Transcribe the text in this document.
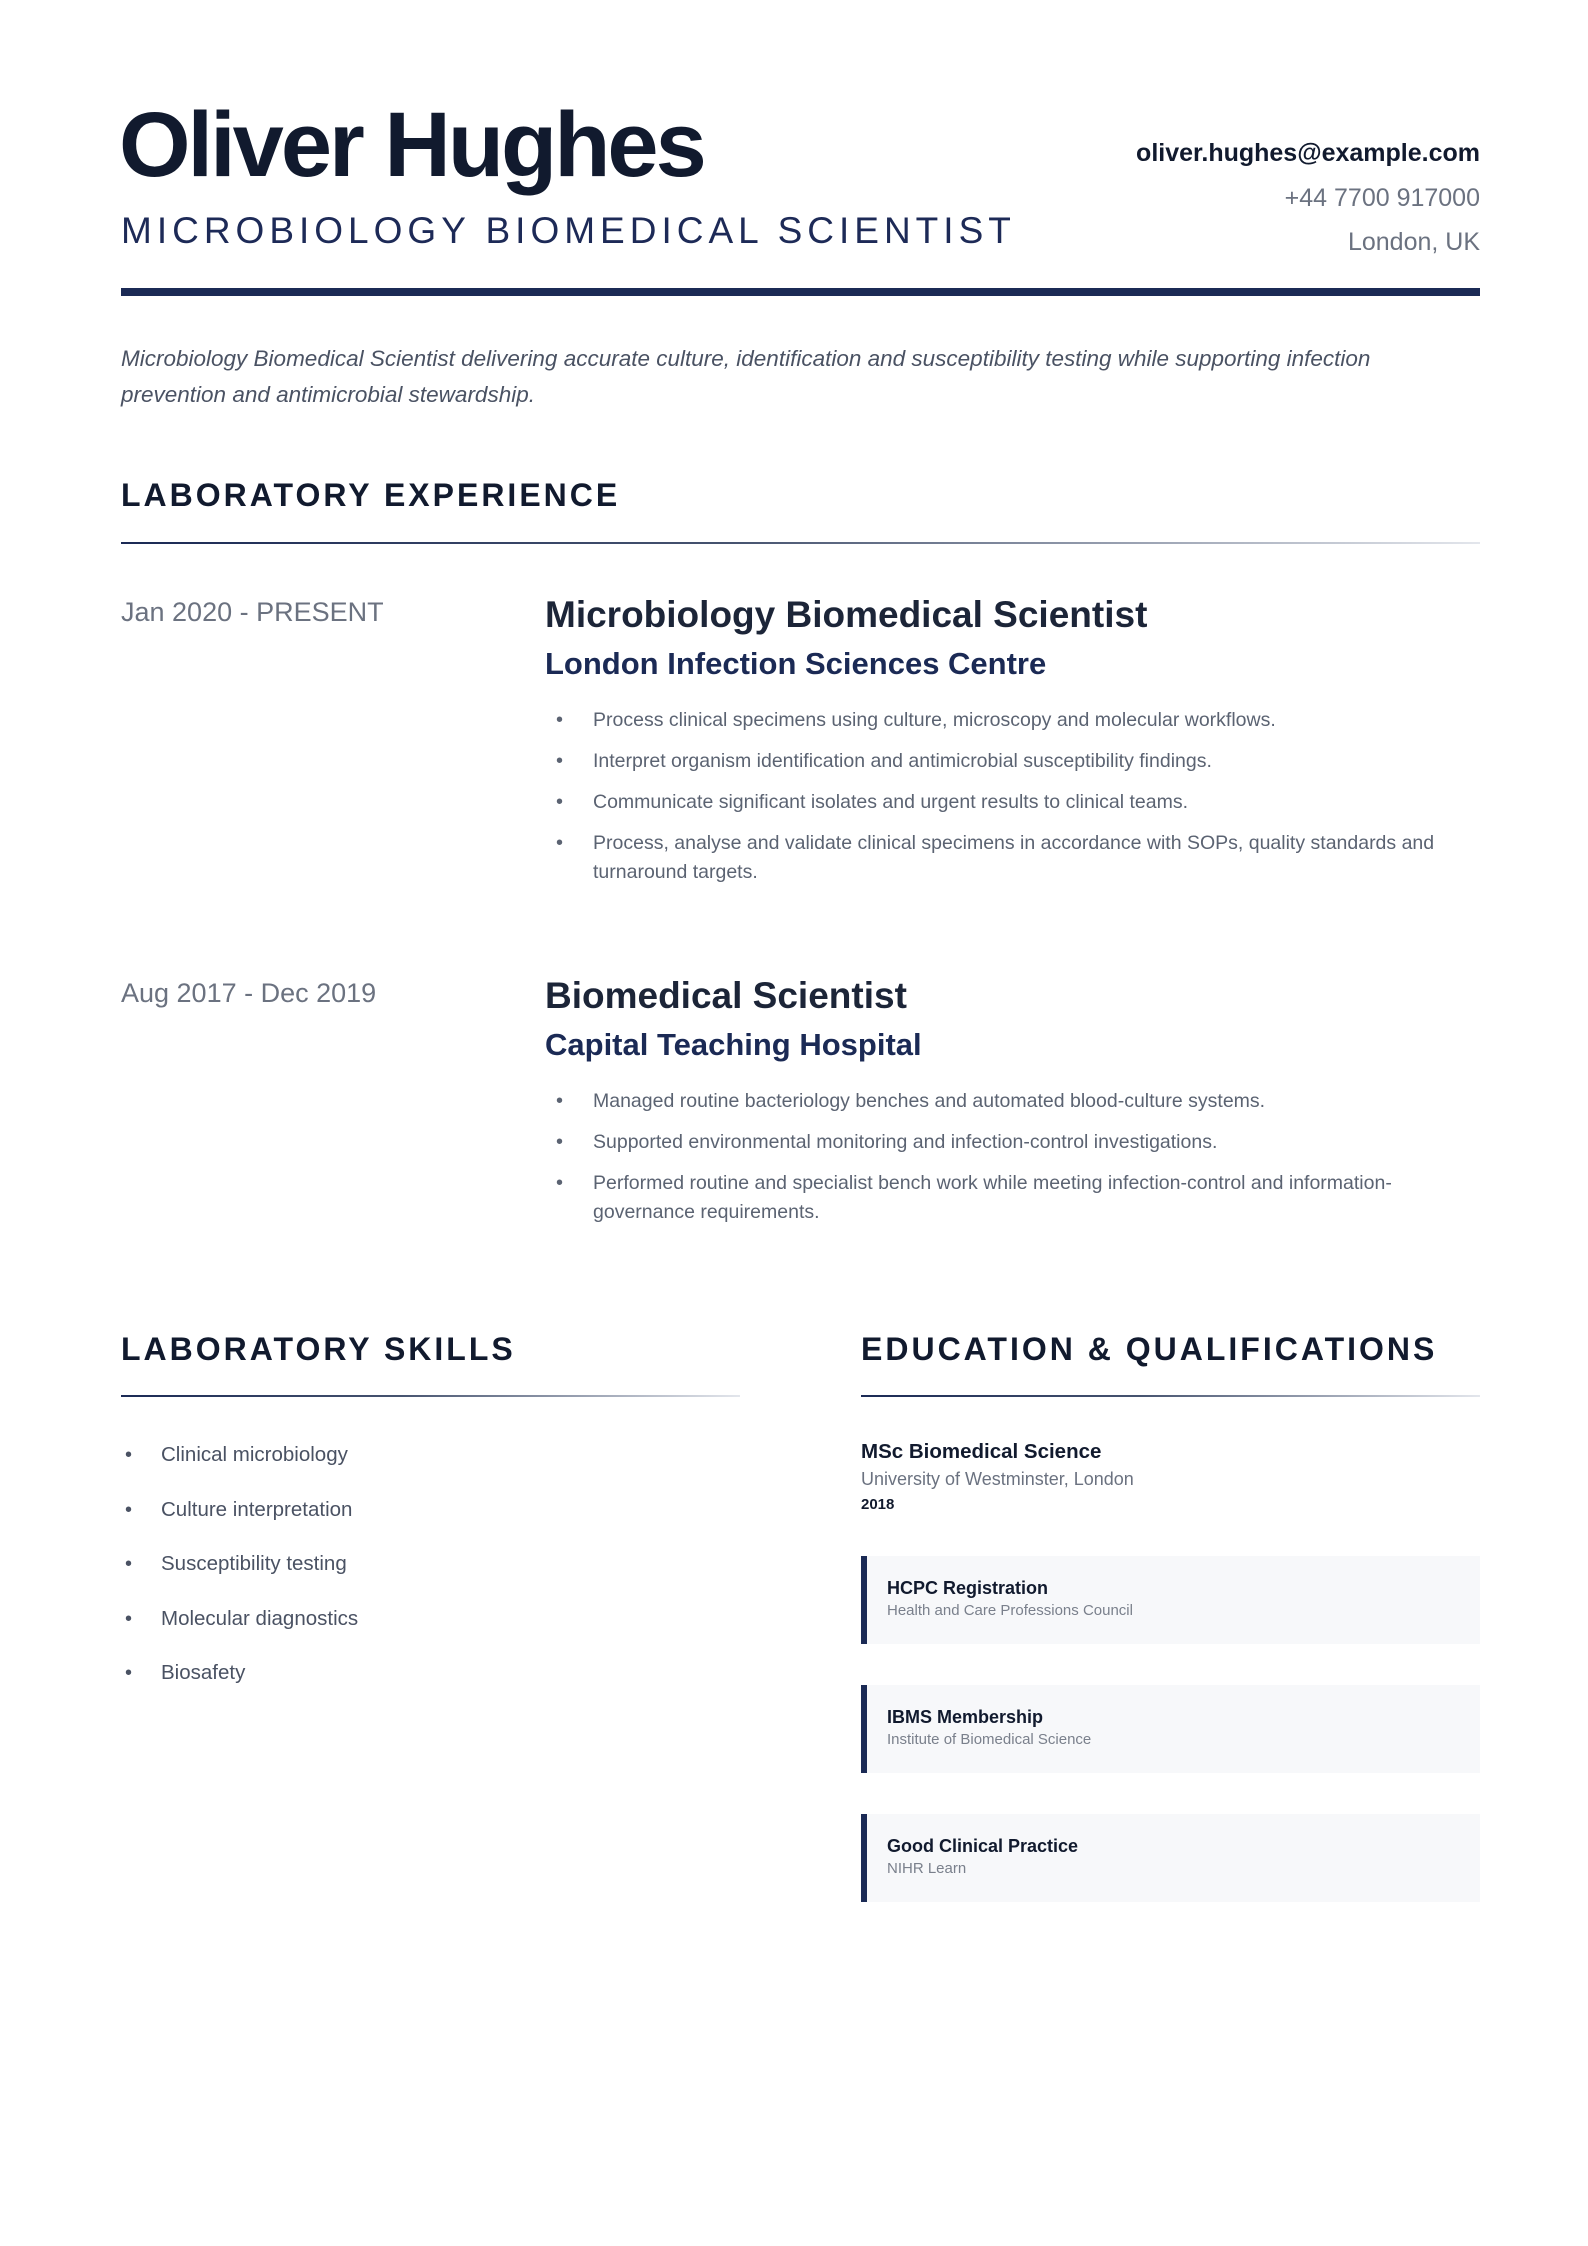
Oliver Hughes
MICROBIOLOGY BIOMEDICAL SCIENTIST
oliver.hughes@example.com
+44 7700 917000
London, UK

Microbiology Biomedical Scientist delivering accurate culture, identification and susceptibility testing while supporting infection prevention and antimicrobial stewardship.

LABORATORY EXPERIENCE
Jan 2020 - PRESENT	Microbiology Biomedical Scientist
London Infection Sciences Centre
• Process clinical specimens using culture, microscopy and molecular workflows.
• Interpret organism identification and antimicrobial susceptibility findings.
• Communicate significant isolates and urgent results to clinical teams.
• Process, analyse and validate clinical specimens in accordance with SOPs, quality standards and turnaround targets.
Aug 2017 - Dec 2019	Biomedical Scientist
Capital Teaching Hospital
• Managed routine bacteriology benches and automated blood-culture systems.
• Supported environmental monitoring and infection-control investigations.
• Performed routine and specialist bench work while meeting infection-control and information-governance requirements.
LABORATORY SKILLS
• Clinical microbiology
• Culture interpretation
• Susceptibility testing
• Molecular diagnostics
• Biosafety
EDUCATION & QUALIFICATIONS
MSc Biomedical Science
University of Westminster, London
2018
HCPC Registration
Health and Care Professions Council
IBMS Membership
Institute of Biomedical Science
Good Clinical Practice
NIHR Learn
